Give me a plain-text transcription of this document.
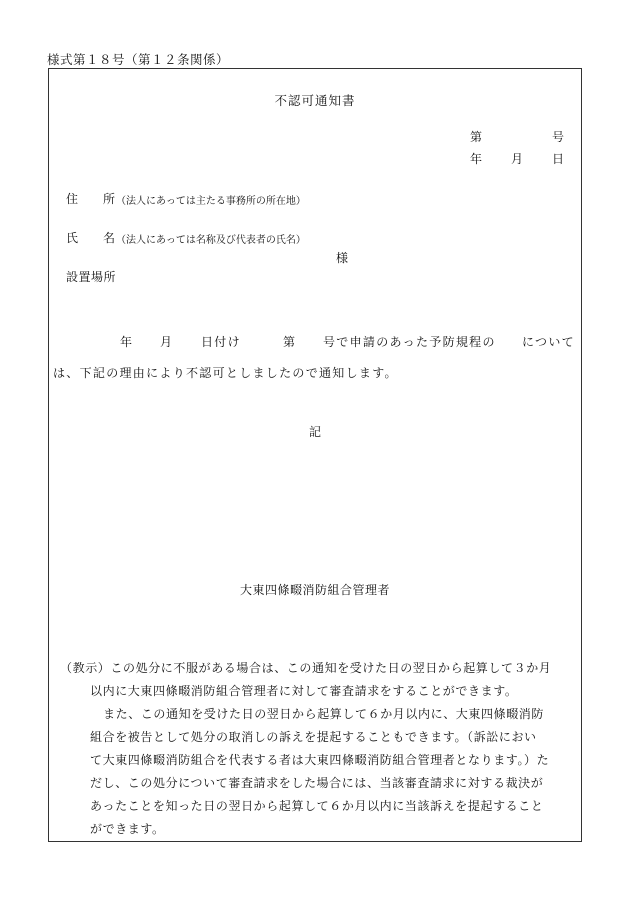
様式第１８号（第１２条関係）
不認可通知書
第	号
年 月 日
住 所 （法人にあっては主たる事務所の所在地）
氏 名 （法人にあっては名称及び代表者の氏名）
様
設置場所
年 月 日付け	第 号で申請のあった予防規程の について
は、下記の理由により不認可としましたので通知します。
記
大東四條畷消防組合管理者
（教示）この処分に不服がある場合は、この通知を受けた日の翌日から起算して３か月
以内に大東四條畷消防組合管理者に対して審査請求をすることができます。
また、この通知を受けた日の翌日から起算して６か月以内に、大東四條畷消防
組合を被告として処分の取消しの訴えを提起することもできます。（訴訟におい
て大東四條畷消防組合を代表する者は大東四條畷消防組合管理者となります。）た
だし、この処分について審査請求をした場合には、当該審査請求に対する裁決が
あったことを知った日の翌日から起算して６か月以内に当該訴えを提起すること
ができます。
